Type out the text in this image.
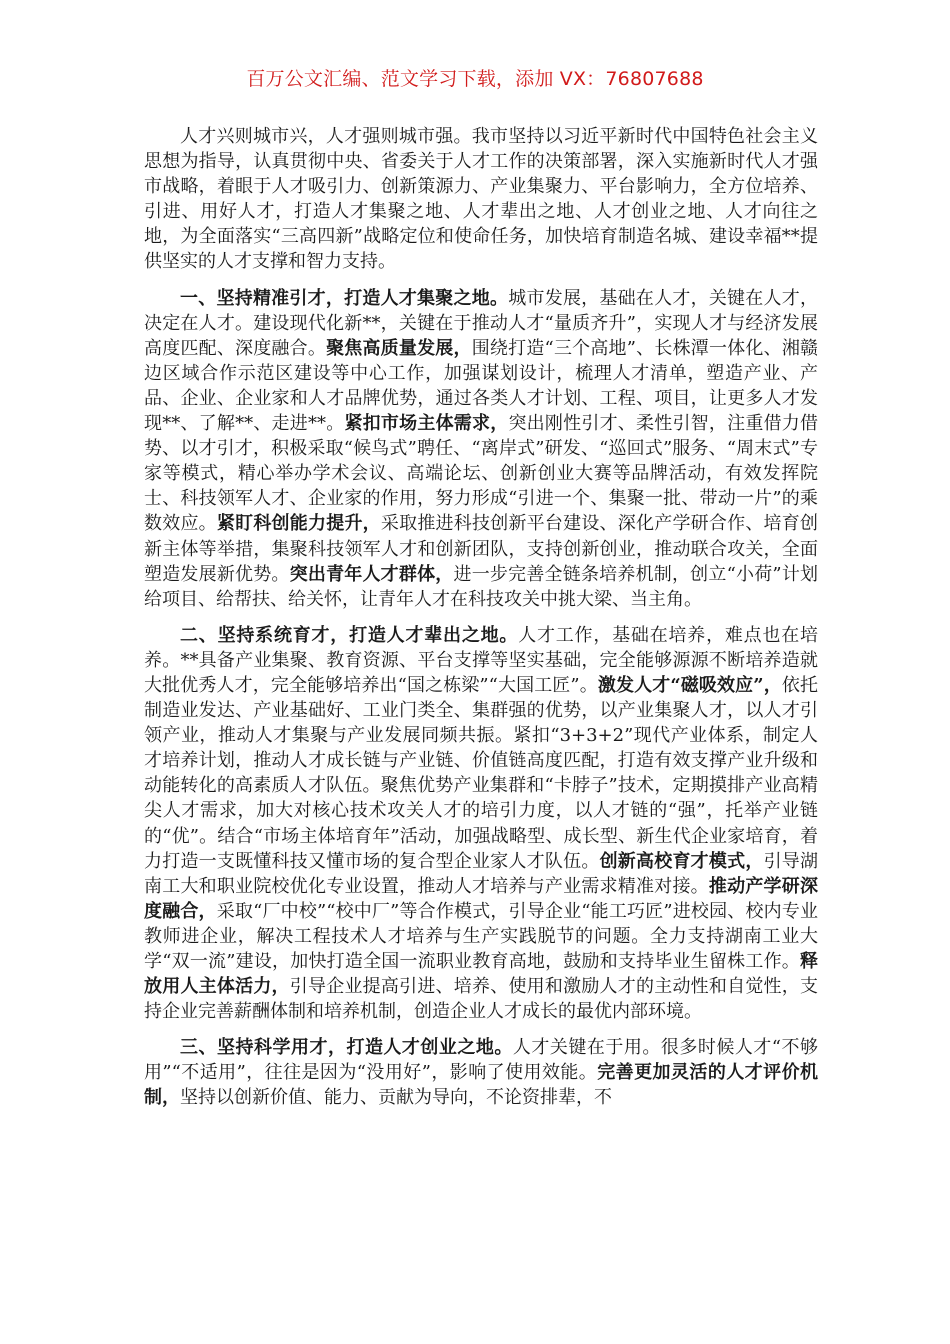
百万公文汇编、范文学习下载，添加 VX：76807688

人才兴则城市兴，人才强则城市强。我市坚持以习近平新时代中国特色社会主义思想为指导，认真贯彻中央、省委关于人才工作的决策部署，深入实施新时代人才强市战略，着眼于人才吸引力、创新策源力、产业集聚力、平台影响力，全方位培养、引进、用好人才，打造人才集聚之地、人才辈出之地、人才创业之地、人才向往之地，为全面落实“三高四新”战略定位和使命任务，加快培育制造名城、建设幸福**提供坚实的人才支撑和智力支持。

一、坚持精准引才，打造人才集聚之地。城市发展，基础在人才，关键在人才，决定在人才。建设现代化新**，关键在于推动人才“量质齐升”，实现人才与经济发展高度匹配、深度融合。聚焦高质量发展，围绕打造“三个高地”、长株潭一体化、湘赣边区域合作示范区建设等中心工作，加强谋划设计，梳理人才清单，塑造产业、产品、企业、企业家和人才品牌优势，通过各类人才计划、工程、项目，让更多人才发现**、了解**、走进**。紧扣市场主体需求，突出刚性引才、柔性引智，注重借力借势、以才引才，积极采取“候鸟式”聘任、“离岸式”研发、“巡回式”服务、“周末式”专家等模式，精心举办学术会议、高端论坛、创新创业大赛等品牌活动，有效发挥院士、科技领军人才、企业家的作用，努力形成“引进一个、集聚一批、带动一片”的乘数效应。紧盯科创能力提升，采取推进科技创新平台建设、深化产学研合作、培育创新主体等举措，集聚科技领军人才和创新团队，支持创新创业，推动联合攻关，全面塑造发展新优势。突出青年人才群体，进一步完善全链条培养机制，创立“小荷”计划给项目、给帮扶、给关怀，让青年人才在科技攻关中挑大梁、当主角。

二、坚持系统育才，打造人才辈出之地。人才工作，基础在培养，难点也在培养。**具备产业集聚、教育资源、平台支撑等坚实基础，完全能够源源不断培养造就大批优秀人才，完全能够培养出“国之栋梁”“大国工匠”。激发人才“磁吸效应”，依托制造业发达、产业基础好、工业门类全、集群强的优势，以产业集聚人才，以人才引领产业，推动人才集聚与产业发展同频共振。紧扣“3+3+2”现代产业体系，制定人才培养计划，推动人才成长链与产业链、价值链高度匹配，打造有效支撑产业升级和动能转化的高素质人才队伍。聚焦优势产业集群和“卡脖子”技术，定期摸排产业高精尖人才需求，加大对核心技术攻关人才的培引力度，以人才链的“强”，托举产业链的“优”。结合“市场主体培育年”活动，加强战略型、成长型、新生代企业家培育，着力打造一支既懂科技又懂市场的复合型企业家人才队伍。创新高校育才模式，引导湖南工大和职业院校优化专业设置，推动人才培养与产业需求精准对接。推动产学研深度融合，采取“厂中校”“校中厂”等合作模式，引导企业“能工巧匠”进校园、校内专业教师进企业，解决工程技术人才培养与生产实践脱节的问题。全力支持湖南工业大学“双一流”建设，加快打造全国一流职业教育高地，鼓励和支持毕业生留株工作。释放用人主体活力，引导企业提高引进、培养、使用和激励人才的主动性和自觉性，支持企业完善薪酬体制和培养机制，创造企业人才成长的最优内部环境。

三、坚持科学用才，打造人才创业之地。人才关键在于用。很多时候人才“不够用”“不适用”，往往是因为“没用好”，影响了使用效能。完善更加灵活的人才评价机制，坚持以创新价值、能力、贡献为导向，不论资排辈，不
